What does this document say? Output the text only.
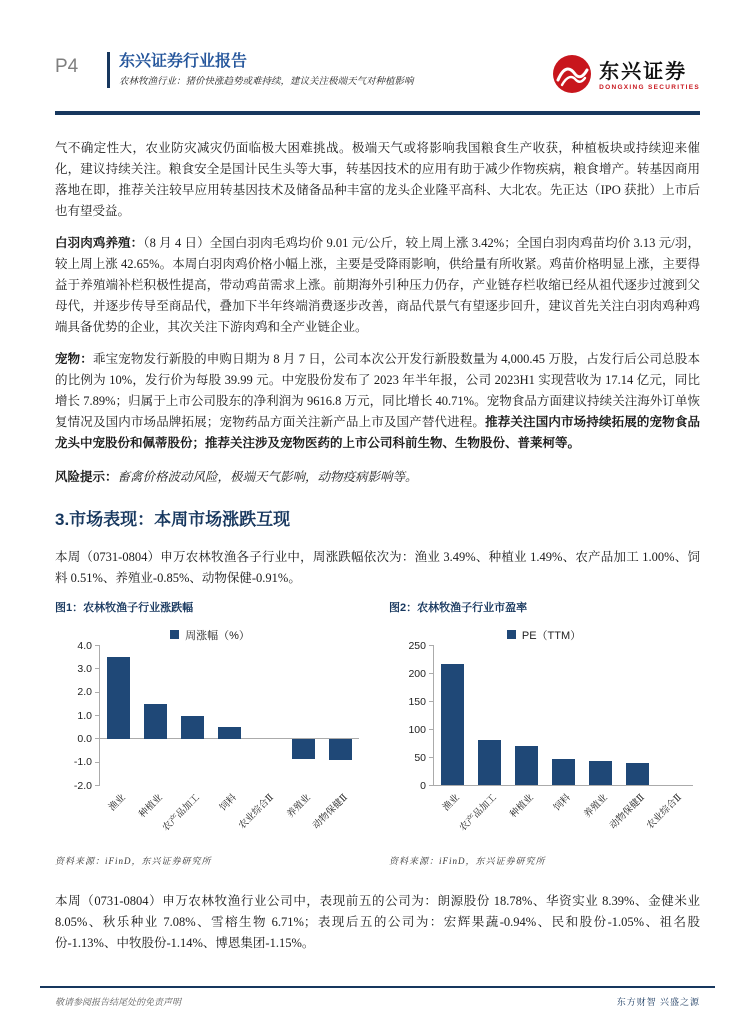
P4	东兴证券行业报告
农林牧渔行业：猪价快涨趋势或难持续，建议关注极端天气对种植影响	东兴证券
DONGXING SECURITIES
气不确定性大，农业防灾减灾仍面临极大困难挑战。极端天气或将影响我国粮食生产收获，种植板块或持续迎来催化，建议持续关注。粮食安全是国计民生头等大事，转基因技术的应用有助于减少作物疾病，粮食增产。转基因商用落地在即，推荐关注较早应用转基因技术及储备品种丰富的龙头企业隆平高科、大北农。先正达（IPO 获批）上市后也有望受益。
白羽肉鸡养殖：（8 月 4 日）全国白羽肉毛鸡均价 9.01 元/公斤，较上周上涨 3.42%；全国白羽肉鸡苗均价 3.13 元/羽，较上周上涨 42.65%。本周白羽肉鸡价格小幅上涨，主要是受降雨影响，供给量有所收紧。鸡苗价格明显上涨，主要得益于养殖端补栏积极性提高，带动鸡苗需求上涨。前期海外引种压力仍存，产业链存栏收缩已经从祖代逐步过渡到父母代，并逐步传导至商品代，叠加下半年终端消费逐步改善，商品代景气有望逐步回升，建议首先关注白羽肉鸡种鸡端具备优势的企业，其次关注下游肉鸡和全产业链企业。
宠物：乖宝宠物发行新股的申购日期为 8 月 7 日，公司本次公开发行新股数量为 4,000.45 万股，占发行后公司总股本的比例为 10%，发行价为每股 39.99 元。中宠股份发布了 2023 年半年报，公司 2023H1 实现营收为 17.14 亿元，同比增长 7.89%；归属于上市公司股东的净利润为 9616.8 万元，同比增长 40.71%。宠物食品方面建议持续关注海外订单恢复情况及国内市场品牌拓展；宠物药品方面关注新产品上市及国产替代进程。推荐关注国内市场持续拓展的宠物食品龙头中宠股份和佩蒂股份；推荐关注涉及宠物医药的上市公司科前生物、生物股份、普莱柯等。
风险提示：畜禽价格波动风险，极端天气影响，动物疫病影响等。
3.市场表现：本周市场涨跌互现
本周（0731-0804）申万农林牧渔各子行业中，周涨跌幅依次为：渔业 3.49%、种植业 1.49%、农产品加工 1.00%、饲料 0.51%、养殖业-0.85%、动物保健-0.91%。
图1：农林牧渔子行业涨跌幅
周涨幅（%）
4.0
3.0
2.0
1.0
0.0
-1.0
-2.0
渔业	种植业
农产品加工	饲料
农业综合Ⅱ	养殖业
动物保健Ⅱ
资料来源：iFinD，东兴证券研究所
图2：农林牧渔子行业市盈率
PE（TTM）
250
200
150
100
50
0
渔业
农产品加工	种植业	饲料	养殖业
动物保健Ⅱ
农业综合Ⅱ
资料来源：iFinD，东兴证券研究所
本周（0731-0804）申万农林牧渔行业公司中，表现前五的公司为：朗源股份 18.78%、华资实业 8.39%、金健米业 8.05%、秋乐种业 7.08%、雪榕生物 6.71%；表现后五的公司为：宏辉果蔬-0.94%、民和股份-1.05%、祖名股份-1.13%、中牧股份-1.14%、博恩集团-1.15%。
敬请参阅报告结尾处的免责声明	东方财智 兴盛之源
